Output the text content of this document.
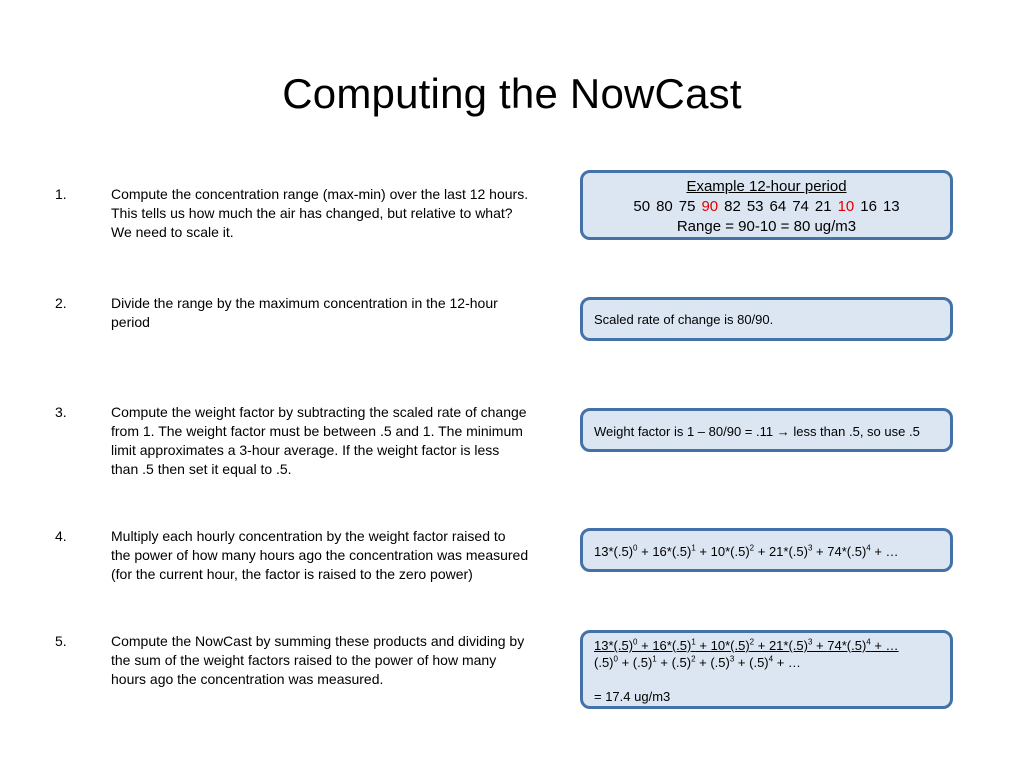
Computing the NowCast
1.	Compute the concentration range (max-min) over the last 12 hours.
This tells us how much the air has changed, but relative to what?
We need to scale it.
2.	Divide the range by the maximum concentration in the 12-hour
period
3.	Compute the weight factor by subtracting the scaled rate of change
from 1. The weight factor must be between .5 and 1. The minimum
limit approximates a 3-hour average. If the weight factor is less
than .5 then set it equal to .5.
4.	Multiply each hourly concentration by the weight factor raised to
the power of how many hours ago the concentration was measured
(for the current hour, the factor is raised to the zero power)
5.	Compute the NowCast by summing these products and dividing by
the sum of the weight factors raised to the power of how many
hours ago the concentration was measured.
Example 12-hour period
50 80 75 90 82 53 64 74 21 10 16 13
Range = 90-10 = 80 ug/m3
Scaled rate of change is 80/90.
Weight factor is 1 – 80/90 = .11 → less than .5, so use .5
$13*(.5)^0 + 16*(.5)^1 + 10*(.5)^2 + 21*(.5)^3 + 74*(.5)^4$ + …
$13*(.5)^0 + 16*(.5)^1 + 10*(.5)^2 + 21*(.5)^3 + 74*(.5)^4$ + …
$(.5)^0 + (.5)^1 + (.5)^2 + (.5)^3 + (.5)^4$ + …
= 17.4 ug/m3
